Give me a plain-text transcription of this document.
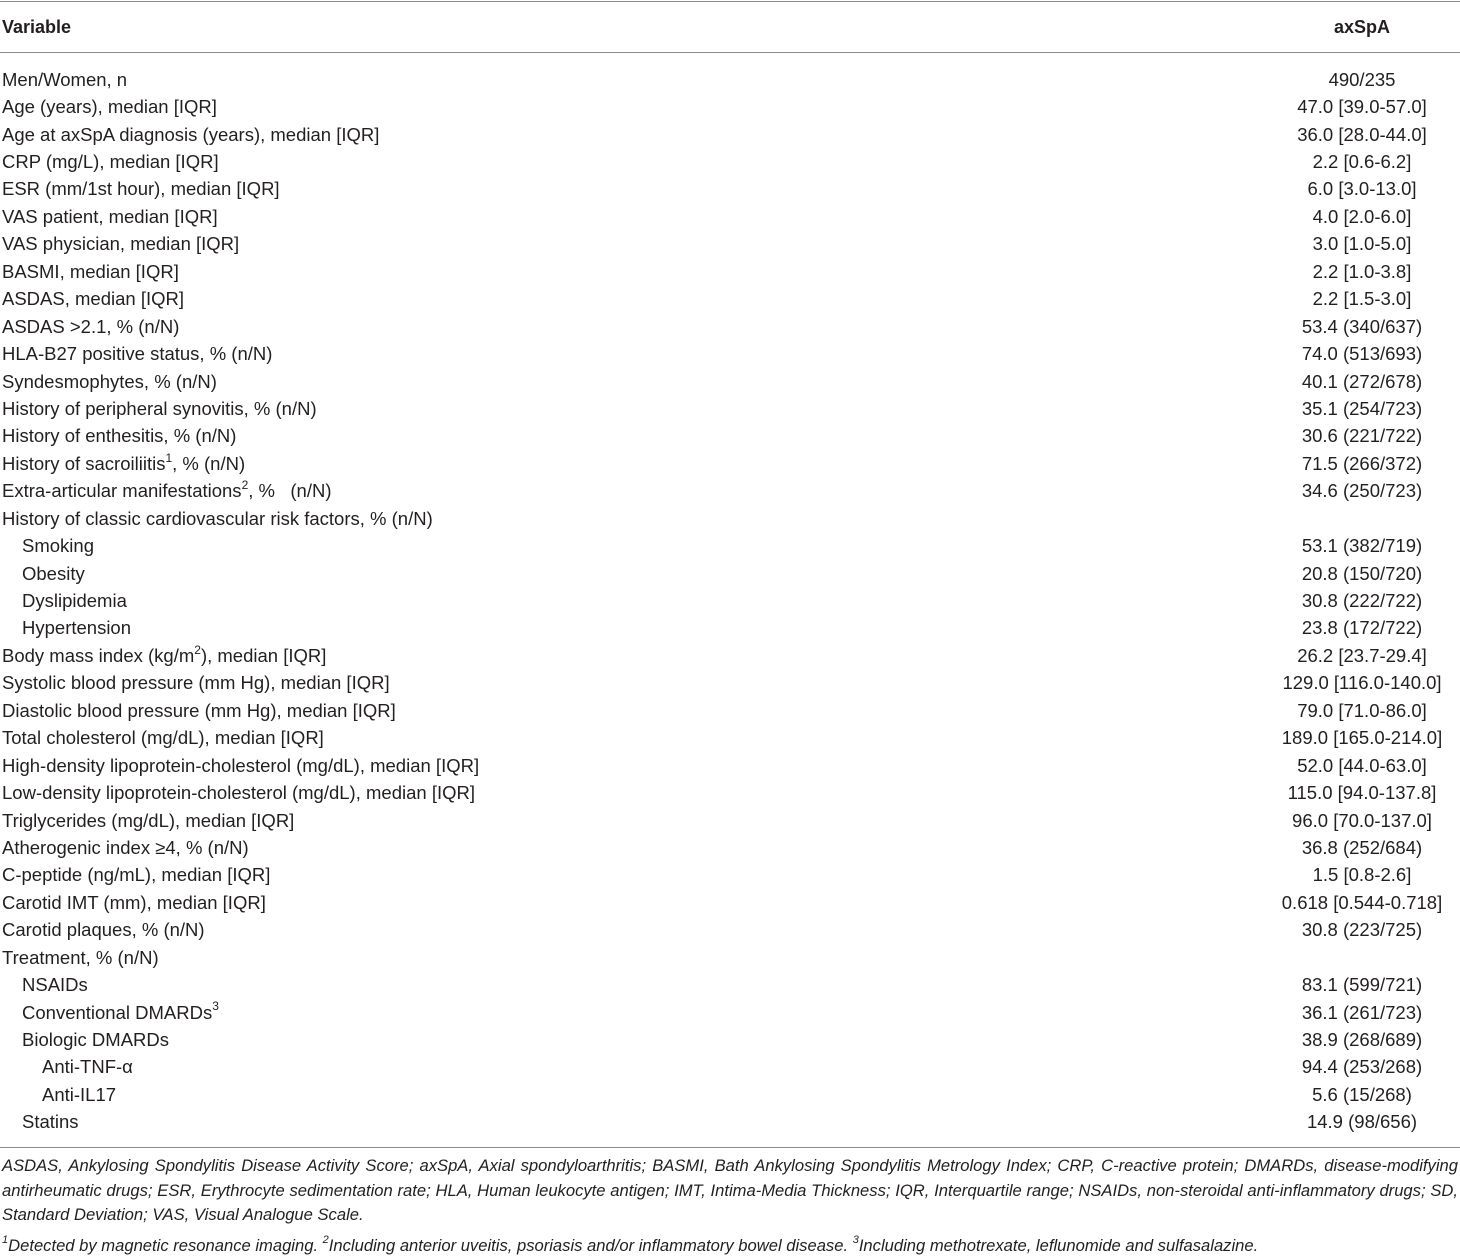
Variable	axSpA
Men/Women, n	490/235
Age (years), median [IQR]	47.0 [39.0-57.0]
Age at axSpA diagnosis (years), median [IQR]	36.0 [28.0-44.0]
CRP (mg/L), median [IQR]	2.2 [0.6-6.2]
ESR (mm/1st hour), median [IQR]	6.0 [3.0-13.0]
VAS patient, median [IQR]	4.0 [2.0-6.0]
VAS physician, median [IQR]	3.0 [1.0-5.0]
BASMI, median [IQR]	2.2 [1.0-3.8]
ASDAS, median [IQR]	2.2 [1.5-3.0]
ASDAS >2.1, % (n/N)	53.4 (340/637)
HLA-B27 positive status, % (n/N)	74.0 (513/693)
Syndesmophytes, % (n/N)	40.1 (272/678)
History of peripheral synovitis, % (n/N)	35.1 (254/723)
History of enthesitis, % (n/N)	30.6 (221/722)
History of sacroiliitis$^1$, % (n/N)	71.5 (266/372)
Extra-articular manifestations$^2$, %   (n/N)	34.6 (250/723)
History of classic cardiovascular risk factors, % (n/N)
Smoking	53.1 (382/719)
Obesity	20.8 (150/720)
Dyslipidemia	30.8 (222/722)
Hypertension	23.8 (172/722)
Body mass index $(kg/m^2)$, median [IQR]	26.2 [23.7-29.4]
Systolic blood pressure (mm Hg), median [IQR]	129.0 [116.0-140.0]
Diastolic blood pressure (mm Hg), median [IQR]	79.0 [71.0-86.0]
Total cholesterol (mg/dL), median [IQR]	189.0 [165.0-214.0]
High-density lipoprotein-cholesterol (mg/dL), median [IQR]	52.0 [44.0-63.0]
Low-density lipoprotein-cholesterol (mg/dL), median [IQR]	115.0 [94.0-137.8]
Triglycerides (mg/dL), median [IQR]	96.0 [70.0-137.0]
Atherogenic index ≥4, % (n/N)	36.8 (252/684)
C-peptide (ng/mL), median [IQR]	1.5 [0.8-2.6]
Carotid IMT (mm), median [IQR]	0.618 [0.544-0.718]
Carotid plaques, % (n/N)	30.8 (223/725)
Treatment, % (n/N)
NSAIDs	83.1 (599/721)
Conventional DMARDs$^3$	36.1 (261/723)
Biologic DMARDs	38.9 (268/689)
Anti-TNF-α	94.4 (253/268)
Anti-IL17	5.6 (15/268)
Statins	14.9 (98/656)

ASDAS, Ankylosing Spondylitis Disease Activity Score; axSpA, Axial spondyloarthritis; BASMI, Bath Ankylosing Spondylitis Metrology Index; CRP, C-reactive protein; DMARDs, disease-modifying antirheumatic drugs; ESR, Erythrocyte sedimentation rate; HLA, Human leukocyte antigen; IMT, Intima-Media Thickness; IQR, Interquartile range; NSAIDs, non-steroidal anti-inflammatory drugs; SD, Standard Deviation; VAS, Visual Analogue Scale.

$^1$Detected by magnetic resonance imaging. $^2$Including anterior uveitis, psoriasis and/or inflammatory bowel disease. $^3$Including methotrexate, leflunomide and sulfasalazine.
